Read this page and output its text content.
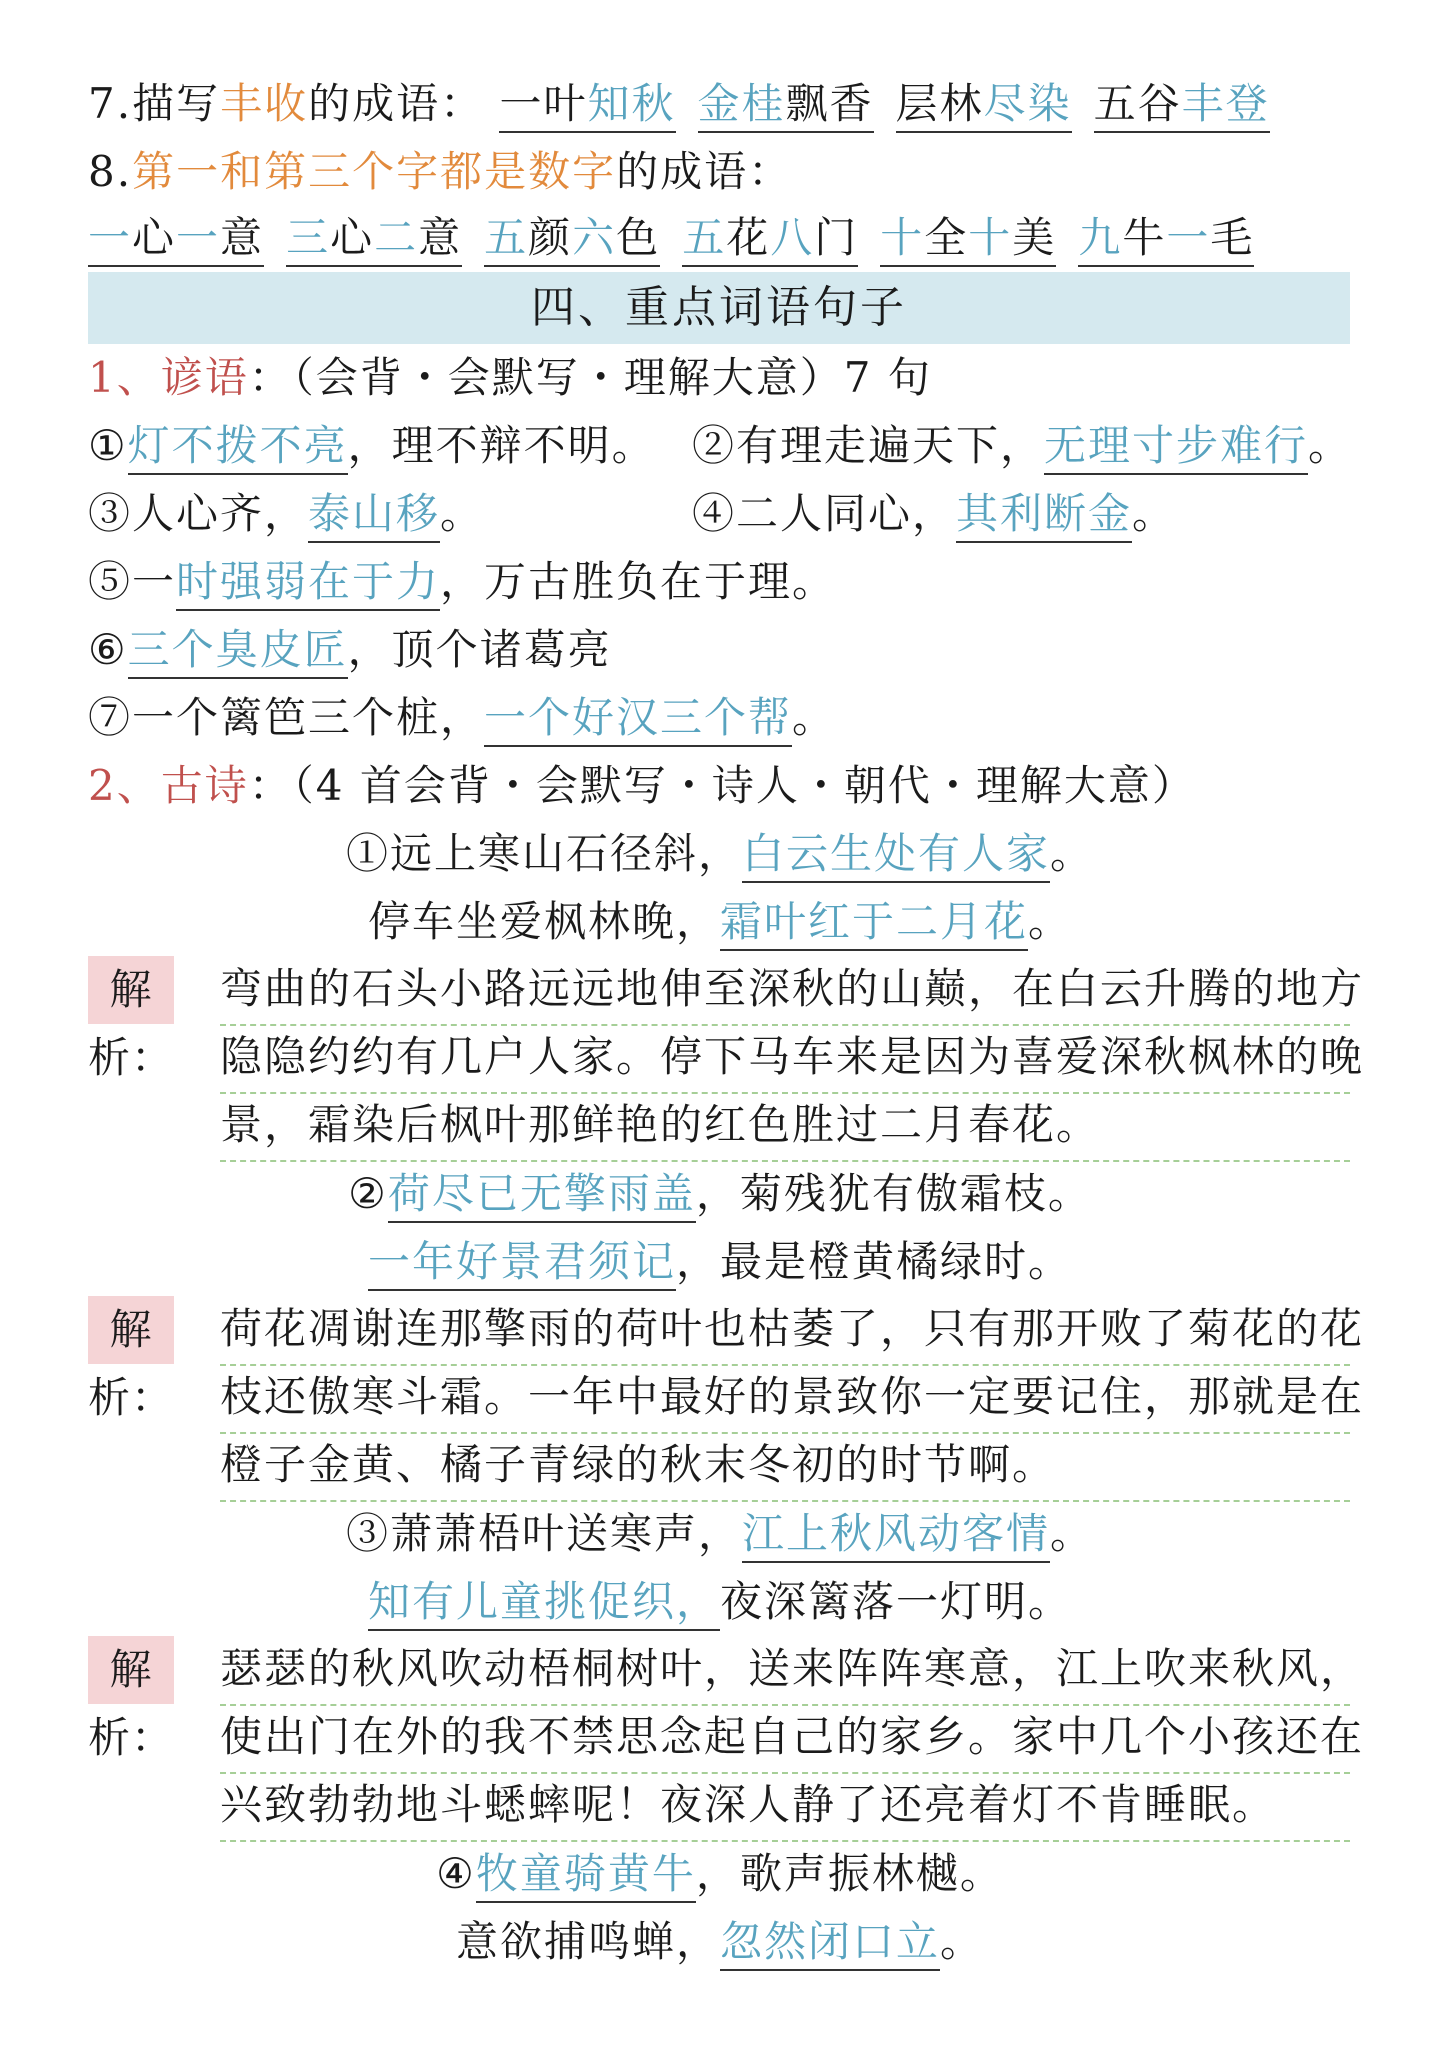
7.描写丰收的成语： 一叶知秋 金桂飘香 层林尽染 五谷丰登
8.第一和第三个字都是数字的成语：
一心一意 三心二意 五颜六色 五花八门 十全十美 九牛一毛
四、重点词语句子
1、谚语：（会背・会默写・理解大意）7 句
①灯不拨不亮，理不辩不明。 ②有理走遍天下，无理寸步难行。
③人心齐，泰山移。	④二人同心，其利断金。
⑤一时强弱在于力，万古胜负在于理。
⑥三个臭皮匠，顶个诸葛亮
⑦一个篱笆三个桩，一个好汉三个帮。
2、古诗：（4 首会背・会默写・诗人・朝代・理解大意）
①远上寒山石径斜，白云生处有人家。
停车坐爱枫林晚，霜叶红于二月花。
解析：
弯曲的石头小路远远地伸至深秋的山巅，在白云升腾的地方
隐隐约约有几户人家。停下马车来是因为喜爱深秋枫林的晚
景，霜染后枫叶那鲜艳的红色胜过二月春花。
②荷尽已无擎雨盖，菊残犹有傲霜枝。
一年好景君须记，最是橙黄橘绿时。
解析：
荷花凋谢连那擎雨的荷叶也枯萎了，只有那开败了菊花的花
枝还傲寒斗霜。一年中最好的景致你一定要记住，那就是在
橙子金黄、橘子青绿的秋末冬初的时节啊。
③萧萧梧叶送寒声，江上秋风动客情。
知有儿童挑促织，夜深篱落一灯明。
解析：
瑟瑟的秋风吹动梧桐树叶，送来阵阵寒意，江上吹来秋风，
使出门在外的我不禁思念起自己的家乡。家中几个小孩还在
兴致勃勃地斗蟋蟀呢！夜深人静了还亮着灯不肯睡眠。
④牧童骑黄牛，歌声振林樾。
意欲捕鸣蝉，忽然闭口立。
